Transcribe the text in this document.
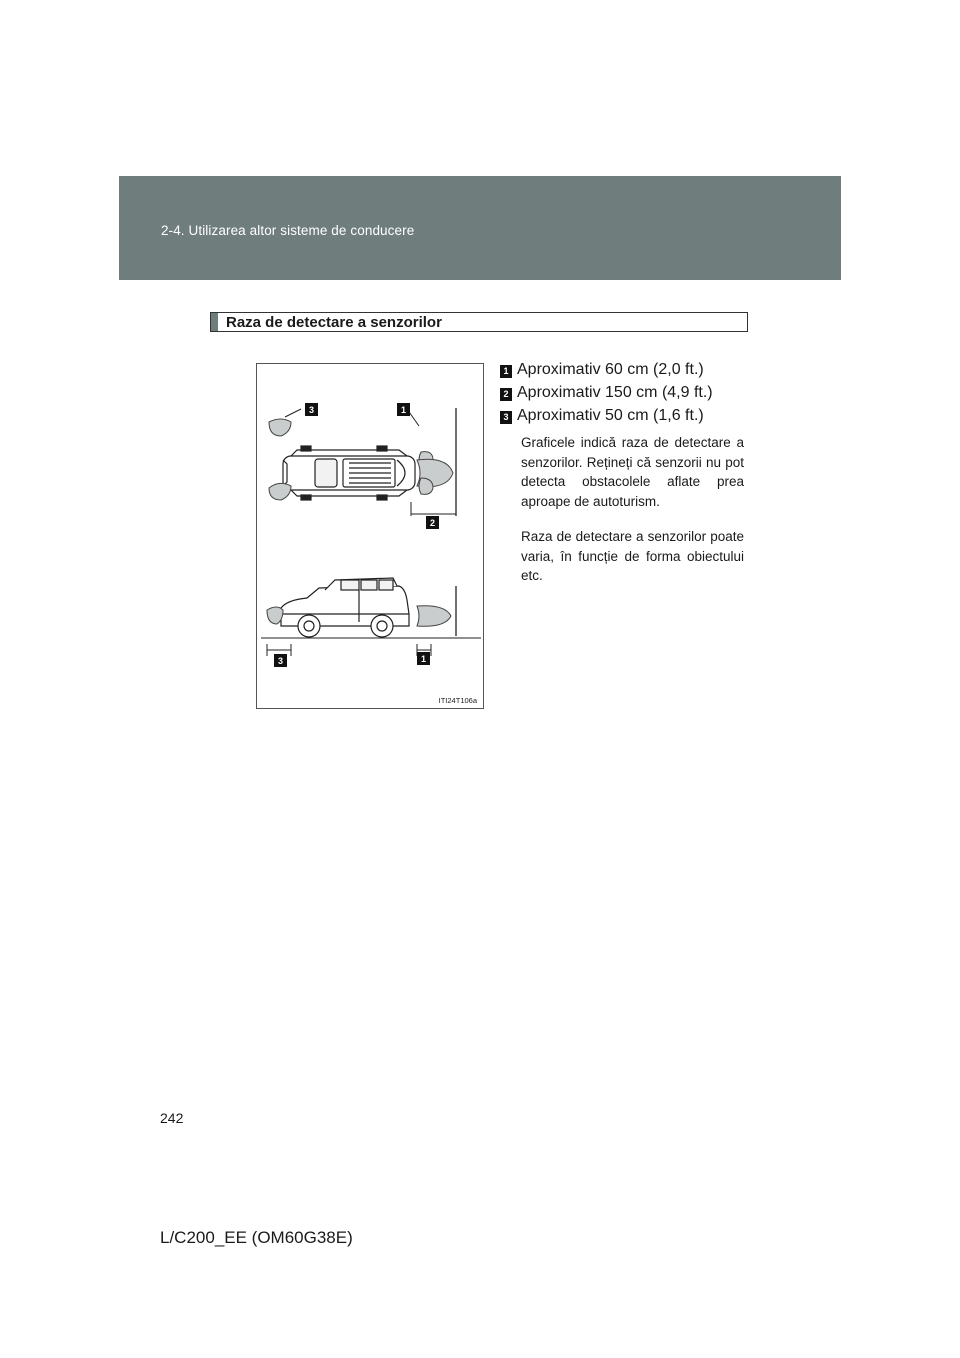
2-4. Utilizarea altor sisteme de conducere
Raza de detectare a senzorilor
3	1
2
3	1
ITI24T106a
1 Aproximativ 60 cm (2,0 ft.)
2 Aproximativ 150 cm (4,9 ft.)
3 Aproximativ 50 cm (1,6 ft.)
Graficele indică raza de detectare a senzorilor. Rețineți că senzorii nu pot detecta obstacolele aflate prea aproape de autoturism.
Raza de detectare a senzorilor poate varia, în funcție de forma obiectului etc.
242
L/C200_EE (OM60G38E)
